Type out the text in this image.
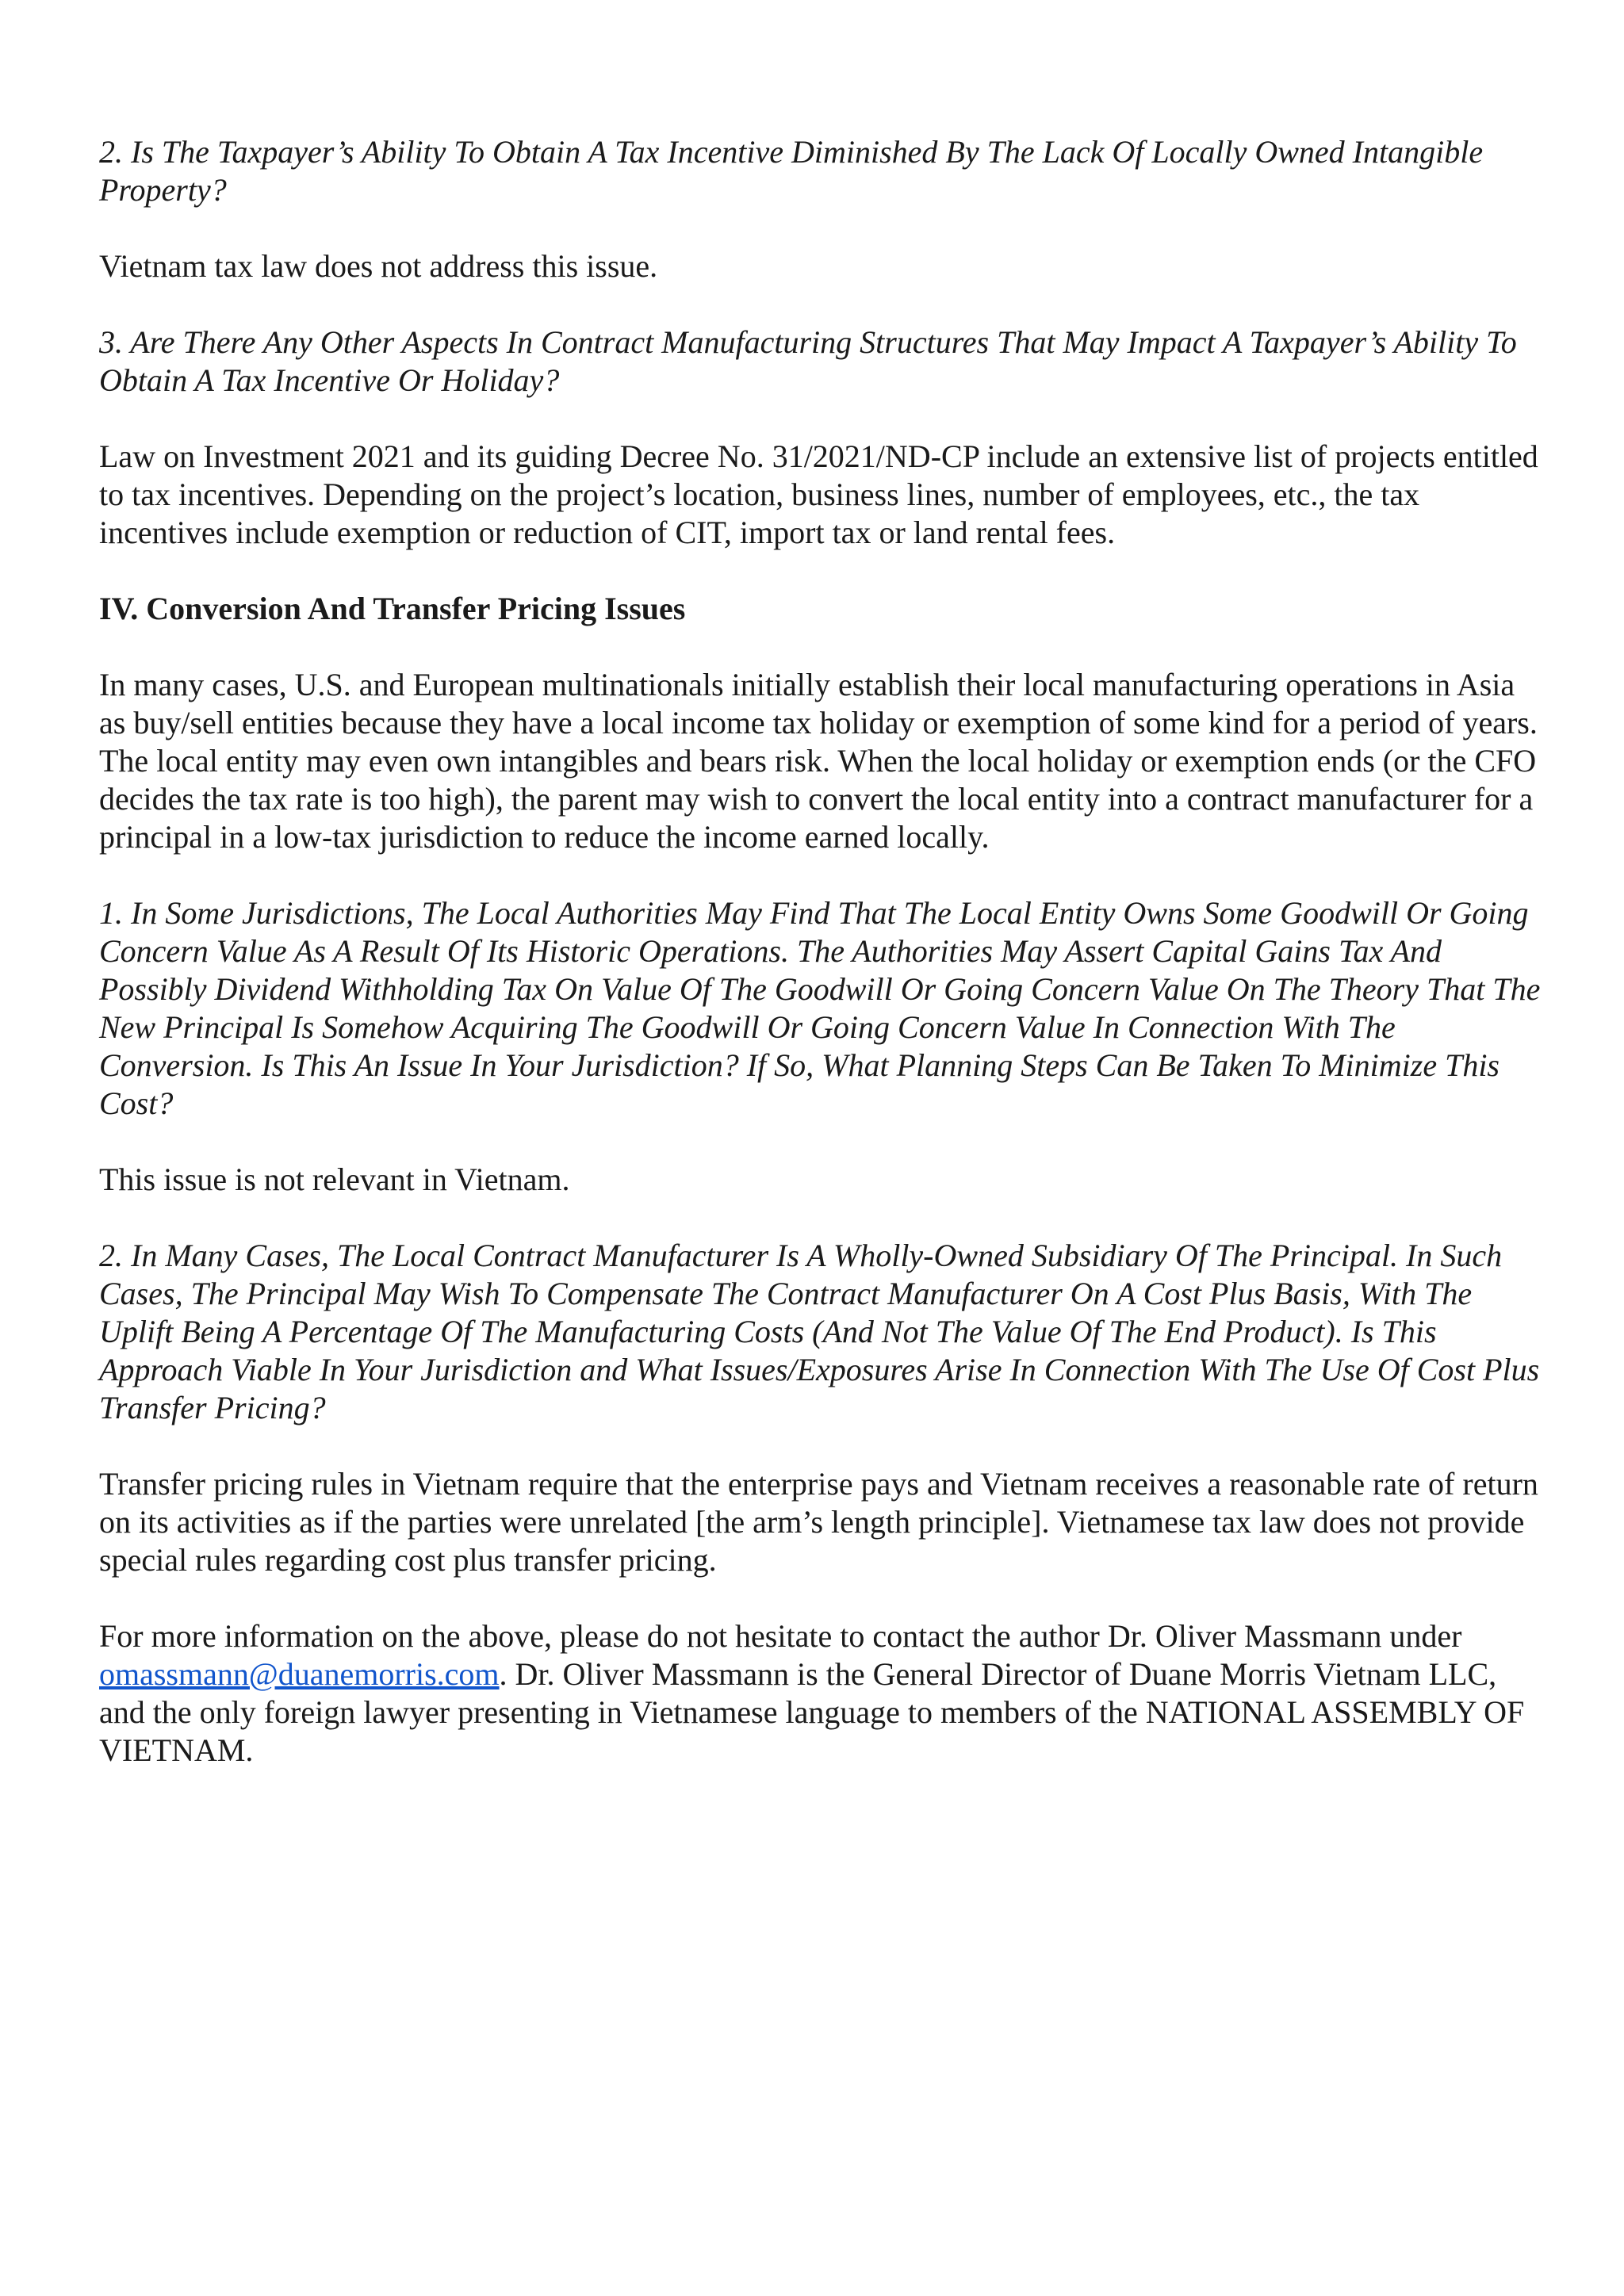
2. Is The Taxpayer’s Ability To Obtain A Tax Incentive Diminished By The Lack Of Locally Owned Intangible Property?

Vietnam tax law does not address this issue.

3. Are There Any Other Aspects In Contract Manufacturing Structures That May Impact A Taxpayer’s Ability To Obtain A Tax Incentive Or Holiday?

Law on Investment 2021 and its guiding Decree No. 31/2021/ND-CP include an extensive list of projects entitled to tax incentives. Depending on the project’s location, business lines, number of employees, etc., the tax incentives include exemption or reduction of CIT, import tax or land rental fees.

IV. Conversion And Transfer Pricing Issues

In many cases, U.S. and European multinationals initially establish their local manufacturing operations in Asia as buy/sell entities because they have a local income tax holiday or exemption of some kind for a period of years. The local entity may even own intangibles and bears risk. When the local holiday or exemption ends (or the CFO decides the tax rate is too high), the parent may wish to convert the local entity into a contract manufacturer for a principal in a low-tax jurisdiction to reduce the income earned locally.

1. In Some Jurisdictions, The Local Authorities May Find That The Local Entity Owns Some Goodwill Or Going Concern Value As A Result Of Its Historic Operations. The Authorities May Assert Capital Gains Tax And Possibly Dividend Withholding Tax On Value Of The Goodwill Or Going Concern Value On The Theory That The New Principal Is Somehow Acquiring The Goodwill Or Going Concern Value In Connection With The Conversion. Is This An Issue In Your Jurisdiction? If So, What Planning Steps Can Be Taken To Minimize This Cost?

This issue is not relevant in Vietnam.

2. In Many Cases, The Local Contract Manufacturer Is A Wholly-Owned Subsidiary Of The Principal. In Such Cases, The Principal May Wish To Compensate The Contract Manufacturer On A Cost Plus Basis, With The Uplift Being A Percentage Of The Manufacturing Costs (And Not The Value Of The End Product). Is This Approach Viable In Your Jurisdiction and What Issues/Exposures Arise In Connection With The Use Of Cost Plus Transfer Pricing?

Transfer pricing rules in Vietnam require that the enterprise pays and Vietnam receives a reasonable rate of return on its activities as if the parties were unrelated [the arm’s length principle]. Vietnamese tax law does not provide special rules regarding cost plus transfer pricing.

For more information on the above, please do not hesitate to contact the author Dr. Oliver Massmann under omassmann@duanemorris.com. Dr. Oliver Massmann is the General Director of Duane Morris Vietnam LLC, and the only foreign lawyer presenting in Vietnamese language to members of the NATIONAL ASSEMBLY OF VIETNAM.
